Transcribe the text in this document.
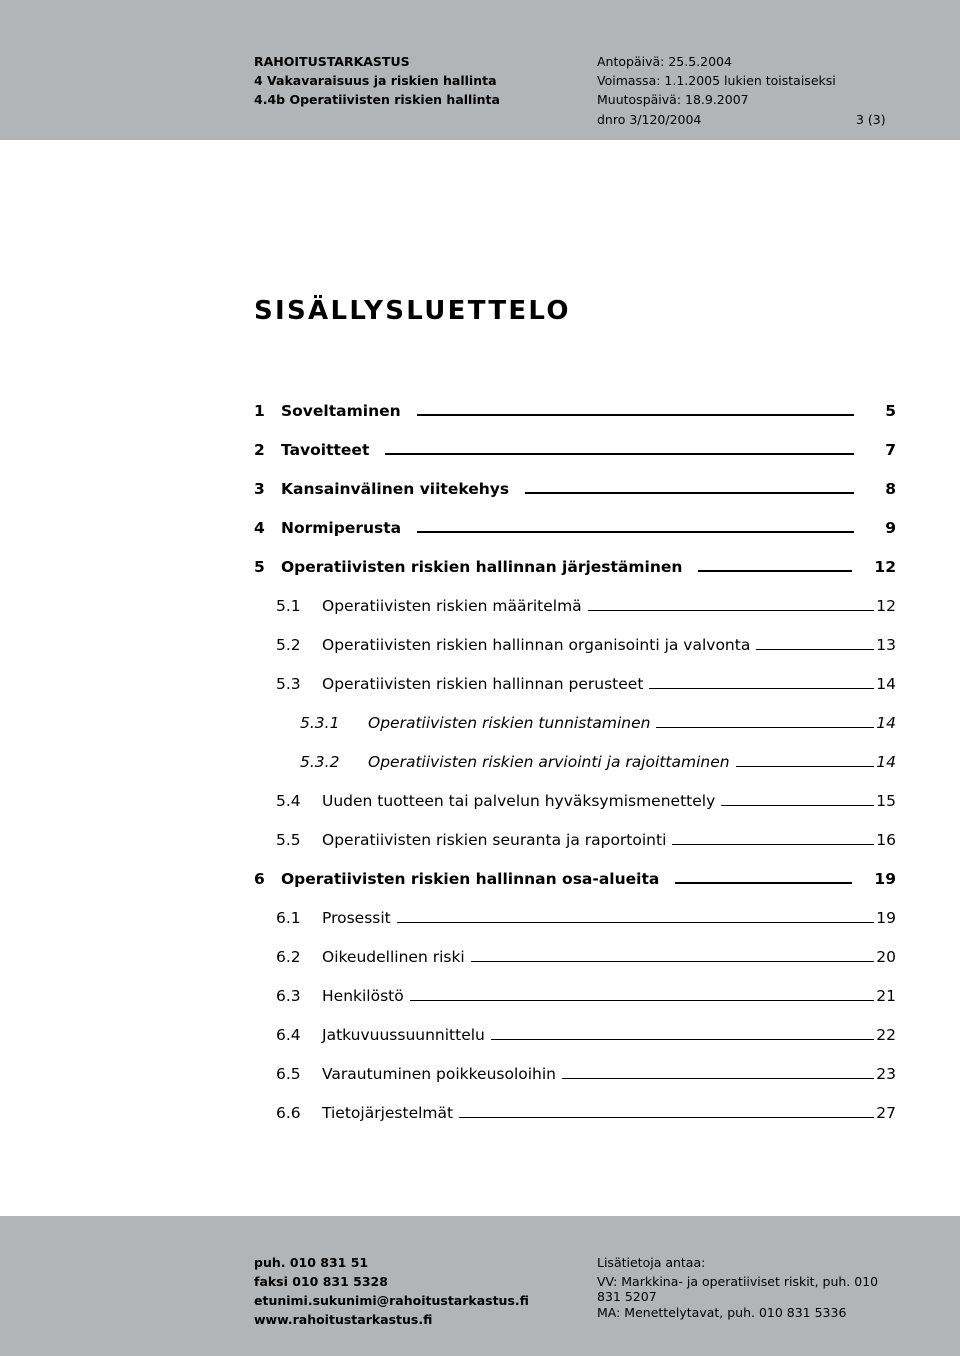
RAHOITUSTARKASTUS
4 Vakavaraisuus ja riskien hallinta
4.4b Operatiivisten riskien hallinta
Antopäivä: 25.5.2004
Voimassa: 1.1.2005 lukien toistaiseksi
Muutospäivä: 18.9.2007
dnro 3/120/2004	3 (3)
SISÄLLYSLUETTELO
1	Soveltaminen	5
2	Tavoitteet	7
3	Kansainvälinen viitekehys	8
4	Normiperusta	9
5	Operatiivisten riskien hallinnan järjestäminen	12
5.1	Operatiivisten riskien määritelmä	12
5.2	Operatiivisten riskien hallinnan organisointi ja valvonta	13
5.3	Operatiivisten riskien hallinnan perusteet	14
5.3.1	Operatiivisten riskien tunnistaminen	14
5.3.2	Operatiivisten riskien arviointi ja rajoittaminen	14
5.4	Uuden tuotteen tai palvelun hyväksymismenettely	15
5.5	Operatiivisten riskien seuranta ja raportointi	16
6	Operatiivisten riskien hallinnan osa-alueita	19
6.1	Prosessit	19
6.2	Oikeudellinen riski	20
6.3	Henkilöstö	21
6.4	Jatkuvuussuunnittelu	22
6.5	Varautuminen poikkeusoloihin	23
6.6	Tietojärjestelmät	27
puh. 010 831 51
faksi 010 831 5328
etunimi.sukunimi@rahoitustarkastus.fi
www.rahoitustarkastus.fi
Lisätietoja antaa:
VV: Markkina- ja operatiiviset riskit, puh. 010
831 5207
MA: Menettelytavat, puh. 010 831 5336
